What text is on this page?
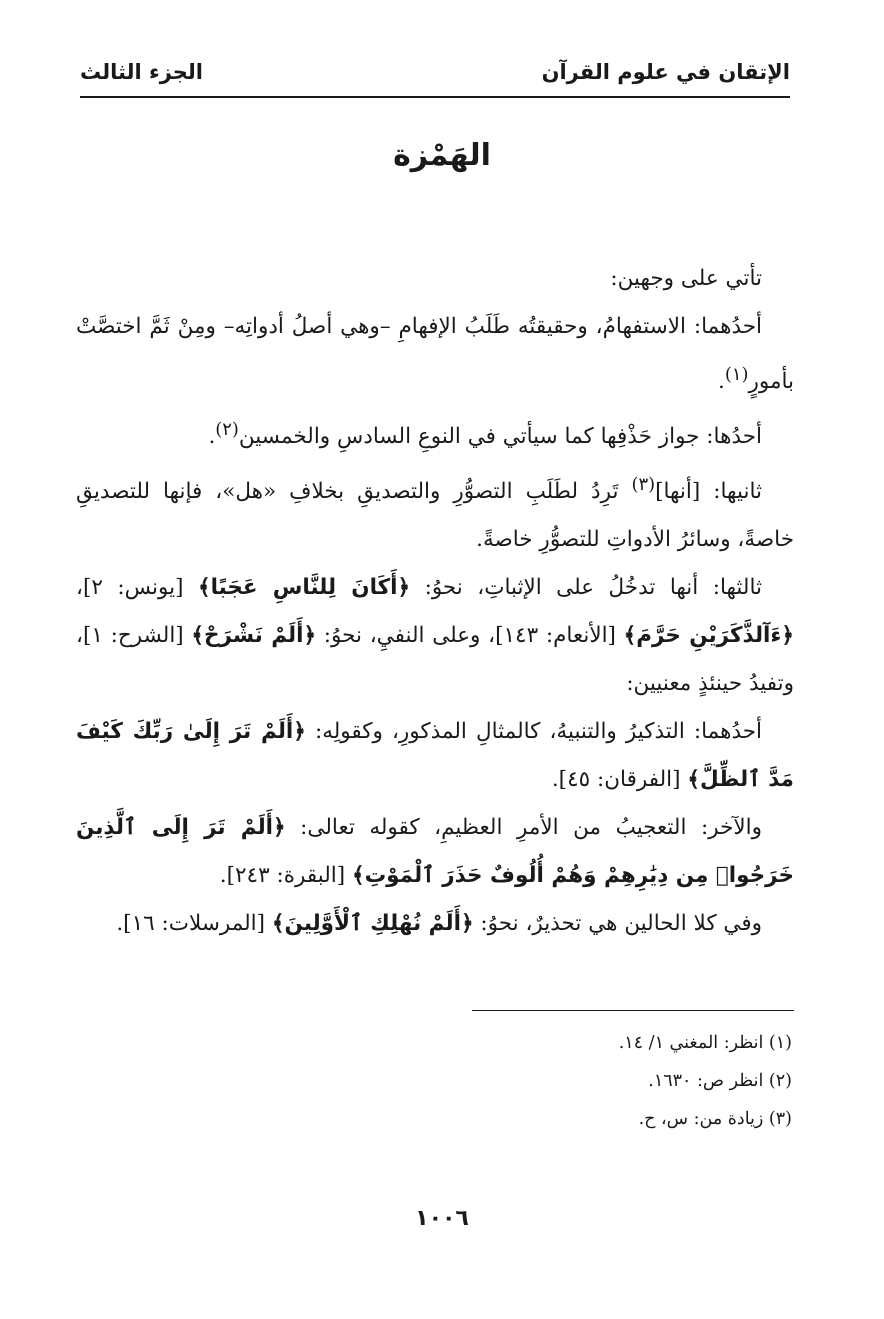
الإتقان في علوم القرآن
الجزء الثالث
الهَمْزة

تأتي على وجهين:

أحدُهما: الاستفهامُ، وحقيقتُه طَلَبُ الإفهامِ –وهي أصلُ أدواتِه– ومِنْ ثَمَّ اختصَّتْ بأمورٍ$^{(١)}$.

أحدُها: جواز حَذْفِها كما سيأتي في النوعِ السادسِ والخمسين$^{(٢)}$.

ثانيها: [أنها]$^{(٣)}$ تَرِدُ لطَلَبِ التصوُّرِ والتصديقِ بخلافِ «هل»، فإنها للتصديقِ خاصةً، وسائرُ الأدواتِ للتصوُّرِ خاصةً.

ثالثها: أنها تدخُلُ على الإثباتِ، نحوُ: ﴿أَكَانَ لِلنَّاسِ عَجَبًا﴾ [يونس: ٢]، ﴿ءَآلذَّكَرَيْنِ حَرَّمَ﴾ [الأنعام: ١٤٣]، وعلى النفيِ، نحوُ: ﴿أَلَمْ نَشْرَحْ﴾ [الشرح: ١]، وتفيدُ حينئذٍ معنيين:

أحدُهما: التذكيرُ والتنبيهُ، كالمثالِ المذكورِ، وكقولِه: ﴿أَلَمْ تَرَ إِلَىٰ رَبِّكَ كَيْفَ مَدَّ ٱلظِّلَّ﴾ [الفرقان: ٤٥].

والآخر: التعجيبُ من الأمرِ العظيمِ، كقوله تعالى: ﴿أَلَمْ تَرَ إِلَى ٱلَّذِينَ خَرَجُوا۟ مِن دِيَٰرِهِمْ وَهُمْ أُلُوفٌ حَذَرَ ٱلْمَوْتِ﴾ [البقرة: ٢٤٣].

وفي كلا الحالين هي تحذيرٌ، نحوُ: ﴿أَلَمْ نُهْلِكِ ٱلْأَوَّلِينَ﴾ [المرسلات: ١٦].

(١) انظر: المغني ١/ ١٤.

(٢) انظر ص: ١٦٣٠.

(٣) زيادة من: س، ح.

١٠٠٦
